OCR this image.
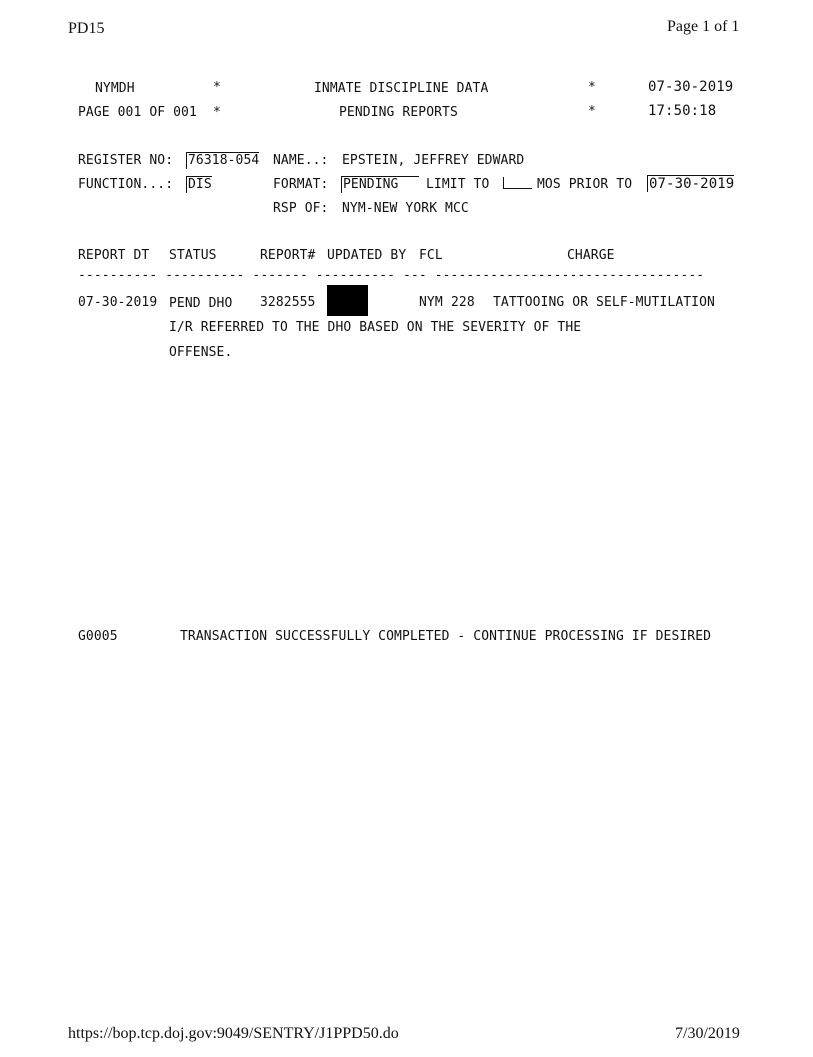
PD15	Page 1 of 1
NYMDH	*	INMATE DISCIPLINE DATA	*	07-30-2019
PAGE 001 OF 001 *	PENDING REPORTS	*	17:50:18
REGISTER NO: 76318-054 NAME..: EPSTEIN, JEFFREY EDWARD
FUNCTION...: DIS	FORMAT: PENDING	LIMIT TO	MOS PRIOR TO 07-30-2019
RSP OF: NYM-NEW YORK MCC
REPORT DT STATUS	REPORT# UPDATED BY FCL	CHARGE
---------- ---------- ------- ---------- --- ----------------------------------
07-30-2019 PEND DHO 3282555	NYM 228 TATTOOING OR SELF-MUTILATION
I/R REFERRED TO THE DHO BASED ON THE SEVERITY OF THE
OFFENSE.
G0005	TRANSACTION SUCCESSFULLY COMPLETED - CONTINUE PROCESSING IF DESIRED
https://bop.tcp.doj.gov:9049/SENTRY/J1PPD50.do	7/30/2019
